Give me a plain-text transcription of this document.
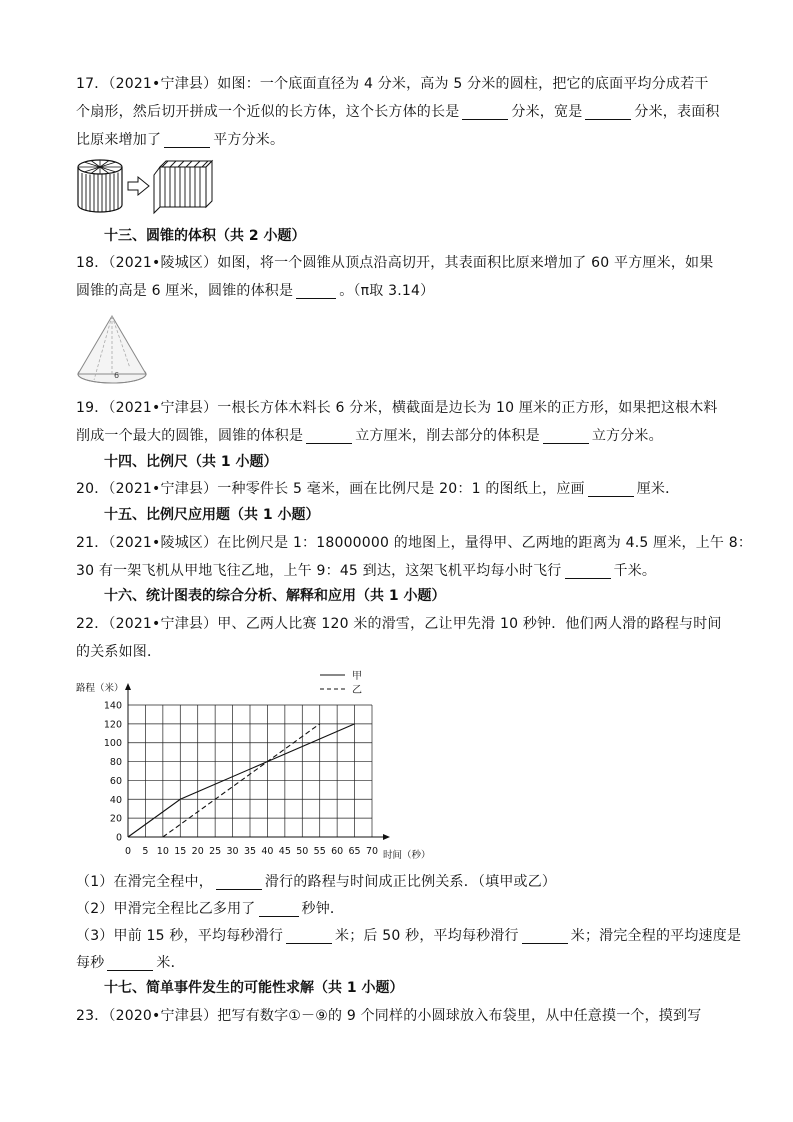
17．（2021•宁津县）如图：一个底面直径为 4 分米，高为 5 分米的圆柱，把它的底面平均分成若干
个扇形，然后切开拼成一个近似的长方体，这个长方体的长是	分米，宽是	分米，表面积
比原来增加了	平方分米。
十三、圆锥的体积（共 2 小题）
18．（2021•陵城区）如图，将一个圆锥从顶点沿高切开，其表面积比原来增加了 60 平方厘米，如果
圆锥的高是 6 厘米，圆锥的体积是	。（π取 3.14）
6
19．（2021•宁津县）一根长方体木料长 6 分米，横截面是边长为 10 厘米的正方形，如果把这根木料
削成一个最大的圆锥，圆锥的体积是	立方厘米，削去部分的体积是	立方分米。
十四、比例尺（共 1 小题）
20．（2021•宁津县）一种零件长 5 毫米，画在比例尺是 20：1 的图纸上，应画	厘米．
十五、比例尺应用题（共 1 小题）
21．（2021•陵城区）在比例尺是 1：18000000 的地图上，量得甲、乙两地的距离为 4.5 厘米，上午 8：
30 有一架飞机从甲地飞往乙地，上午 9：45 到达，这架飞机平均每小时飞行	千米。
十六、统计图表的综合分析、解释和应用（共 1 小题）
22．（2021•宁津县）甲、乙两人比赛 120 米的滑雪，乙让甲先滑 10 秒钟．他们两人滑的路程与时间
的关系如图．
0 5 10 15 20 25 30 35 40 45 50 55 60 65 70
0
20
40
60
80
100
120
140
甲
乙
路程（米）
时间（秒）
（1）在滑完全程中，	滑行的路程与时间成正比例关系．（填甲或乙）
（2）甲滑完全程比乙多用了	秒钟．
（3）甲前 15 秒，平均每秒滑行	米；后 50 秒，平均每秒滑行	米；滑完全程的平均速度是
每秒	米．
十七、简单事件发生的可能性求解（共 1 小题）
23．（2020•宁津县）把写有数字①－⑨的 9 个同样的小圆球放入布袋里，从中任意摸一个，摸到写
